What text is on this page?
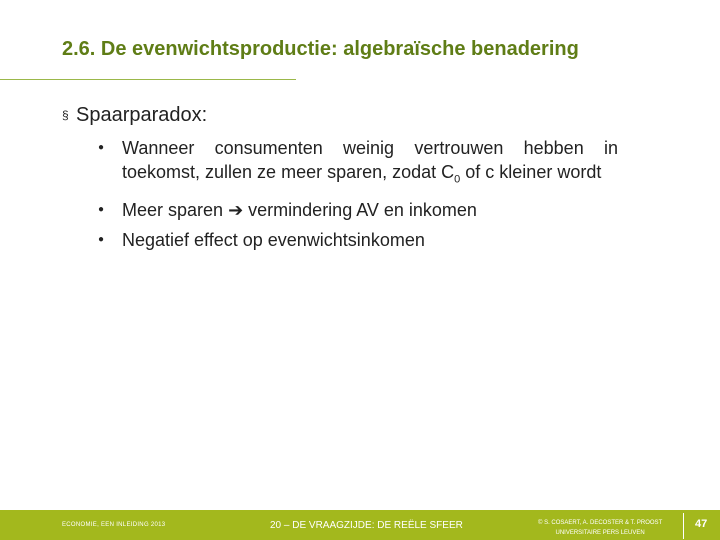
2.6. De evenwichtsproductie: algebraïsche benadering
§ Spaarparadox:
● Wanneer consumenten weinig vertrouwen hebben in toekomst, zullen ze meer sparen, zodat $C_0$ of c kleiner wordt
● Meer sparen ➔ vermindering AV en inkomen
● Negatief effect op evenwichtsinkomen
ECONOMIE, EEN INLEIDING 2013	20 – DE VRAAGZIJDE: DE REËLE SFEER	© S. COSAERT, A. DECOSTER & T. PROOST
UNIVERSITAIRE PERS LEUVEN
47
